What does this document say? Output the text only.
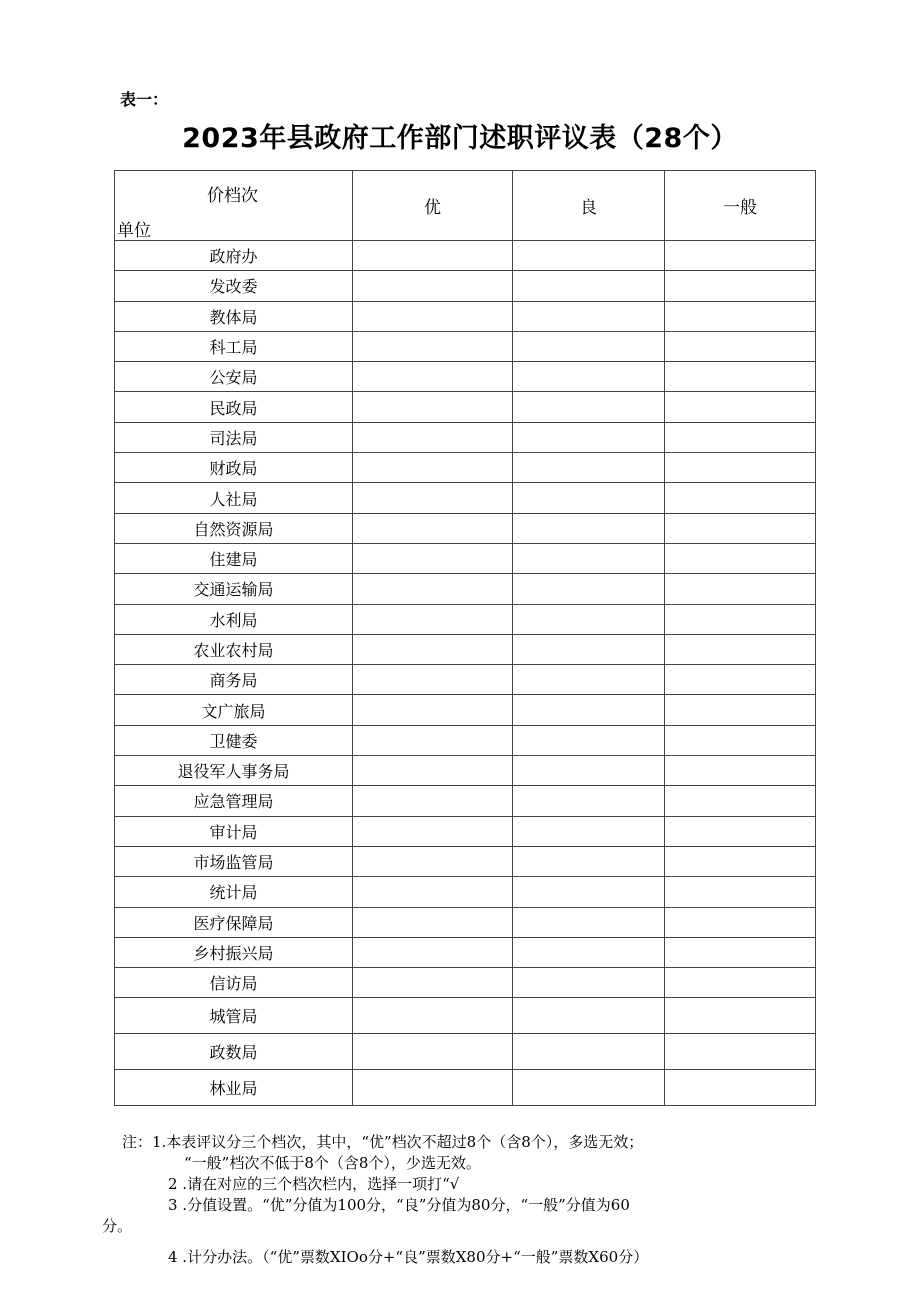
表一：
2023年县政府工作部门述职评议表（28个）
价档次
单位	优	良	一般
政府办			
发改委			
教体局			
科工局			
公安局			
民政局			
司法局			
财政局			
人社局			
自然资源局			
住建局			
交通运输局			
水利局			
农业农村局			
商务局			
文广旅局			
卫健委			
退役军人事务局			
应急管理局			
审计局			
市场监管局			
统计局			
医疗保障局			
乡村振兴局			
信访局			
城管局			
政数局			
林业局			
注：1.本表评议分三个档次，其中，“优”档次不超过8个（含8个），多选无效；
“一般”档次不低于8个（含8个），少选无效。
2 .请在对应的三个档次栏内，选择一项打“√
3 .分值设置。“优”分值为100分，“良”分值为80分，“一般”分值为60
分。
4 .计分办法。（“优”票数XIOo分+“良”票数X80分+“一般”票数X60分）
